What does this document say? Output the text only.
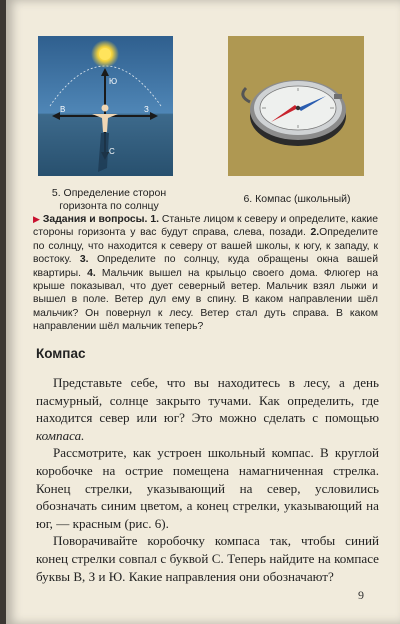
Ю
В	З
С
5. Определение сторон горизонта по солнцу
6. Компас (школьный)
▶ Задания и вопросы. 1. Станьте лицом к северу и определите, какие стороны горизонта у вас будут справа, слева, позади. 2.Определите по солнцу, что находится к северу от вашей школы, к югу, к западу, к востоку. 3. Определите по солнцу, куда обращены окна вашей квартиры. 4. Мальчик вышел на крыльцо своего дома. Флюгер на крыше показывал, что дует северный ветер. Мальчик взял лыжи и вышел в поле. Ветер дул ему в спину. В каком направлении шёл мальчик? Он повернул к лесу. Ветер стал дуть справа. В каком направлении шёл мальчик теперь?
Компас

Представьте себе, что вы находитесь в лесу, а день пасмурный, солнце закрыто тучами. Как определить, где находится север или юг? Это можно сделать с помощью компаса.

Рассмотрите, как устроен школьный компас. В круглой коробочке на острие помещена намагниченная стрелка. Конец стрелки, указывающий на север, условились обозначать синим цветом, а конец стрелки, указывающий на юг, — красным (рис. 6).

Поворачивайте коробочку компаса так, чтобы синий конец стрелки совпал с буквой С. Теперь найдите на компасе буквы В, З и Ю. Какие направления они обозначают?

9
